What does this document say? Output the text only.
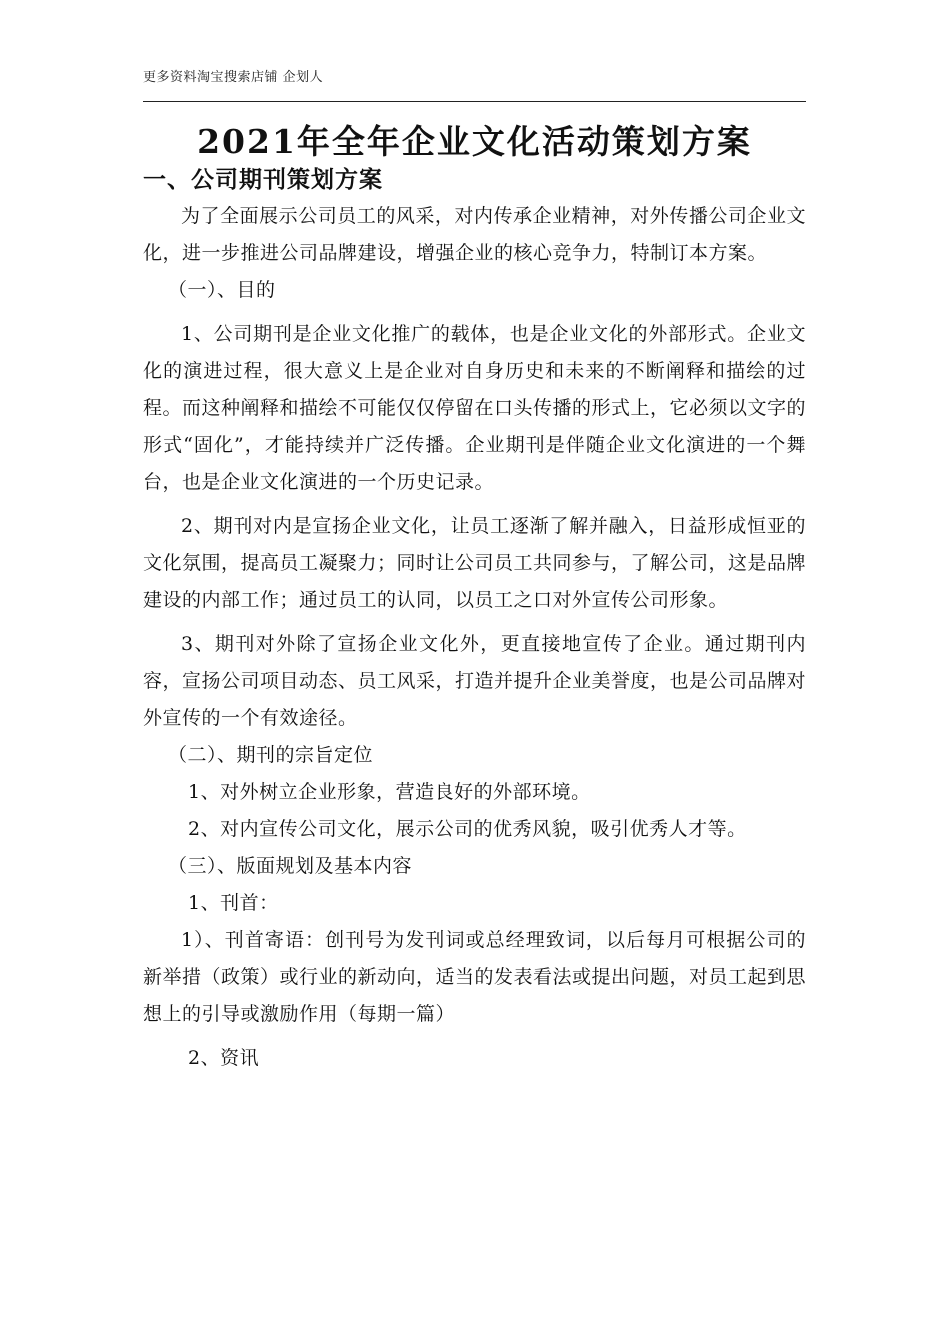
更多资料淘宝搜索店铺 企划人
2021年全年企业文化活动策划方案
一、公司期刊策划方案

为了全面展示公司员工的风采，对内传承企业精神，对外传播公司企业文化，进一步推进公司品牌建设，增强企业的核心竞争力，特制订本方案。

（一）、目的

1、公司期刊是企业文化推广的载体，也是企业文化的外部形式。企业文化的演进过程，很大意义上是企业对自身历史和未来的不断阐释和描绘的过程。而这种阐释和描绘不可能仅仅停留在口头传播的形式上，它必须以文字的形式“固化”，才能持续并广泛传播。企业期刊是伴随企业文化演进的一个舞台，也是企业文化演进的一个历史记录。

2、期刊对内是宣扬企业文化，让员工逐渐了解并融入，日益形成恒亚的文化氛围，提高员工凝聚力；同时让公司员工共同参与，了解公司，这是品牌建设的内部工作；通过员工的认同，以员工之口对外宣传公司形象。

3、期刊对外除了宣扬企业文化外，更直接地宣传了企业。通过期刊内容，宣扬公司项目动态、员工风采，打造并提升企业美誉度，也是公司品牌对外宣传的一个有效途径。

（二）、期刊的宗旨定位

1、对外树立企业形象，营造良好的外部环境。

2、对内宣传公司文化，展示公司的优秀风貌，吸引优秀人才等。

（三）、版面规划及基本内容

1、刊首：

1）、刊首寄语：创刊号为发刊词或总经理致词，以后每月可根据公司的新举措（政策）或行业的新动向，适当的发表看法或提出问题，对员工起到思想上的引导或激励作用（每期一篇）

2、资讯
